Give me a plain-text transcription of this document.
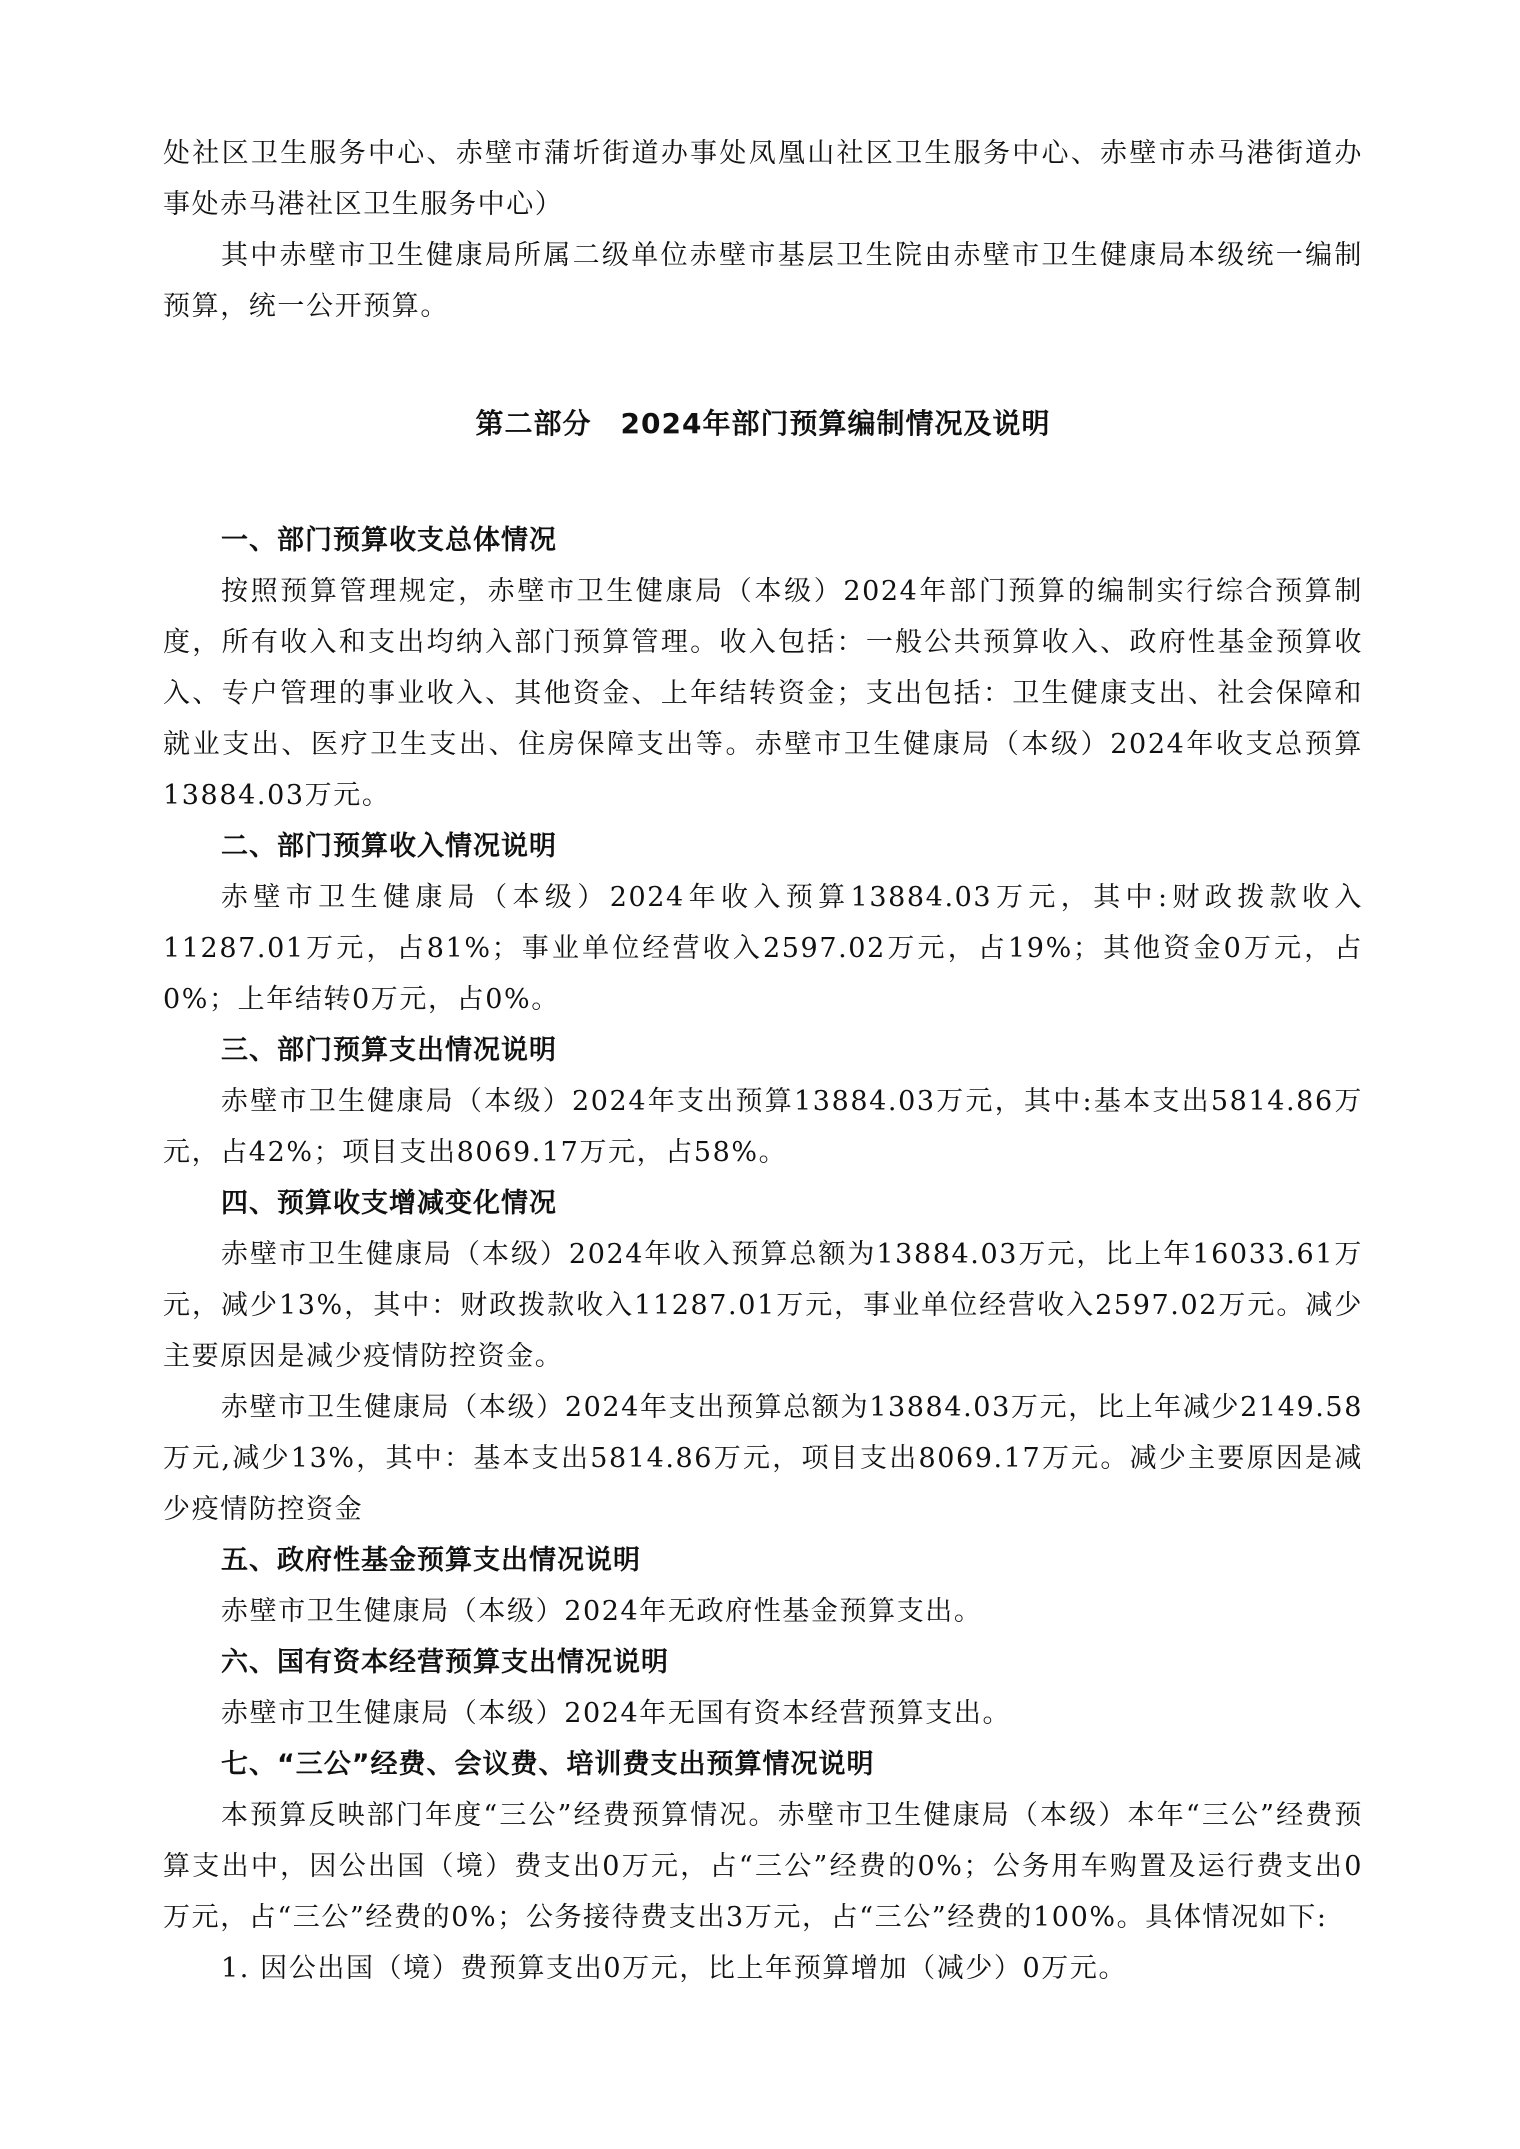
处社区卫生服务中心、赤壁市蒲圻街道办事处凤凰山社区卫生服务中心、赤壁市赤马港街道办事处赤马港社区卫生服务中心）

其中赤壁市卫生健康局所属二级单位赤壁市基层卫生院由赤壁市卫生健康局本级统一编制预算，统一公开预算。

第二部分　2024年部门预算编制情况及说明
一、部门预算收支总体情况

按照预算管理规定，赤壁市卫生健康局（本级）2024年部门预算的编制实行综合预算制度，所有收入和支出均纳入部门预算管理。收入包括：一般公共预算收入、政府性基金预算收入、专户管理的事业收入、其他资金、上年结转资金；支出包括：卫生健康支出、社会保障和就业支出、医疗卫生支出、住房保障支出等。赤壁市卫生健康局（本级）2024年收支总预算13884.03万元。

二、部门预算收入情况说明

赤壁市卫生健康局（本级）2024年收入预算13884.03万元，其中:财政拨款收入11287.01万元，占81%；事业单位经营收入2597.02万元，占19%；其他资金0万元，占0%；上年结转0万元，占0%。

三、部门预算支出情况说明

赤壁市卫生健康局（本级）2024年支出预算13884.03万元，其中:基本支出5814.86万元，占42%；项目支出8069.17万元，占58%。

四、预算收支增减变化情况

赤壁市卫生健康局（本级）2024年收入预算总额为13884.03万元，比上年16033.61万元，减少13%，其中：财政拨款收入11287.01万元，事业单位经营收入2597.02万元。减少主要原因是减少疫情防控资金。

赤壁市卫生健康局（本级）2024年支出预算总额为13884.03万元，比上年减少2149.58万元,减少13%，其中：基本支出5814.86万元，项目支出8069.17万元。减少主要原因是减少疫情防控资金

五、政府性基金预算支出情况说明

赤壁市卫生健康局（本级）2024年无政府性基金预算支出。

六、国有资本经营预算支出情况说明

赤壁市卫生健康局（本级）2024年无国有资本经营预算支出。

七、“三公”经费、会议费、培训费支出预算情况说明

本预算反映部门年度“三公”经费预算情况。赤壁市卫生健康局（本级）本年“三公”经费预算支出中，因公出国（境）费支出0万元，占“三公”经费的0%；公务用车购置及运行费支出0万元，占“三公”经费的0%；公务接待费支出3万元，占“三公”经费的100%。具体情况如下:

1. 因公出国（境）费预算支出0万元，比上年预算增加（减少）0万元。
